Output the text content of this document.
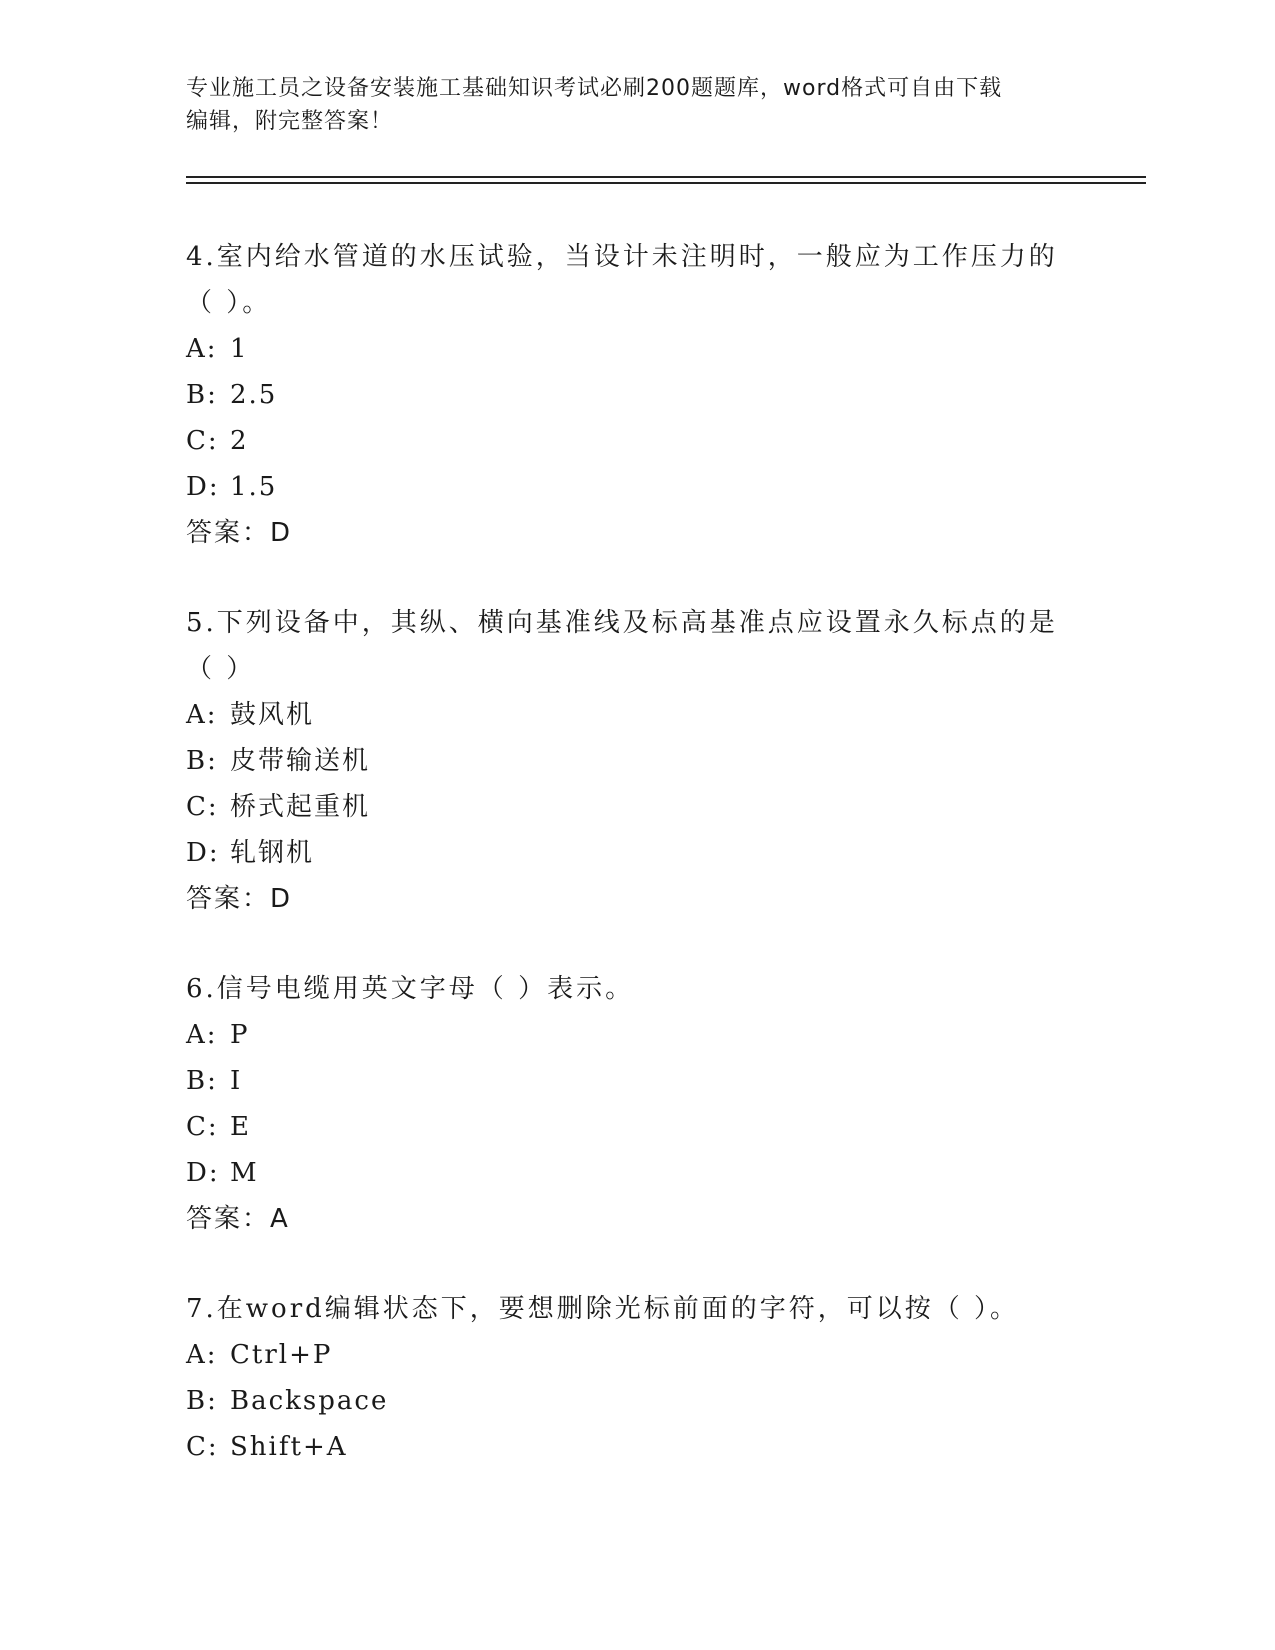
专业施工员之设备安装施工基础知识考试必刷200题题库，word格式可自由下载
编辑，附完整答案！
4.室内给水管道的水压试验，当设计未注明时，一般应为工作压力的
（ ）。
A: 1
B: 2.5
C: 2
D: 1.5
答案：D
5.下列设备中，其纵、横向基准线及标高基准点应设置永久标点的是
（ ）
A: 鼓风机
B: 皮带输送机
C: 桥式起重机
D: 轧钢机
答案：D
6.信号电缆用英文字母（ ）表示。
A: P
B: I
C: E
D: M
答案：A
7.在word编辑状态下，要想删除光标前面的字符，可以按（ ）。
A: Ctrl+P
B: Backspace
C: Shift+A
